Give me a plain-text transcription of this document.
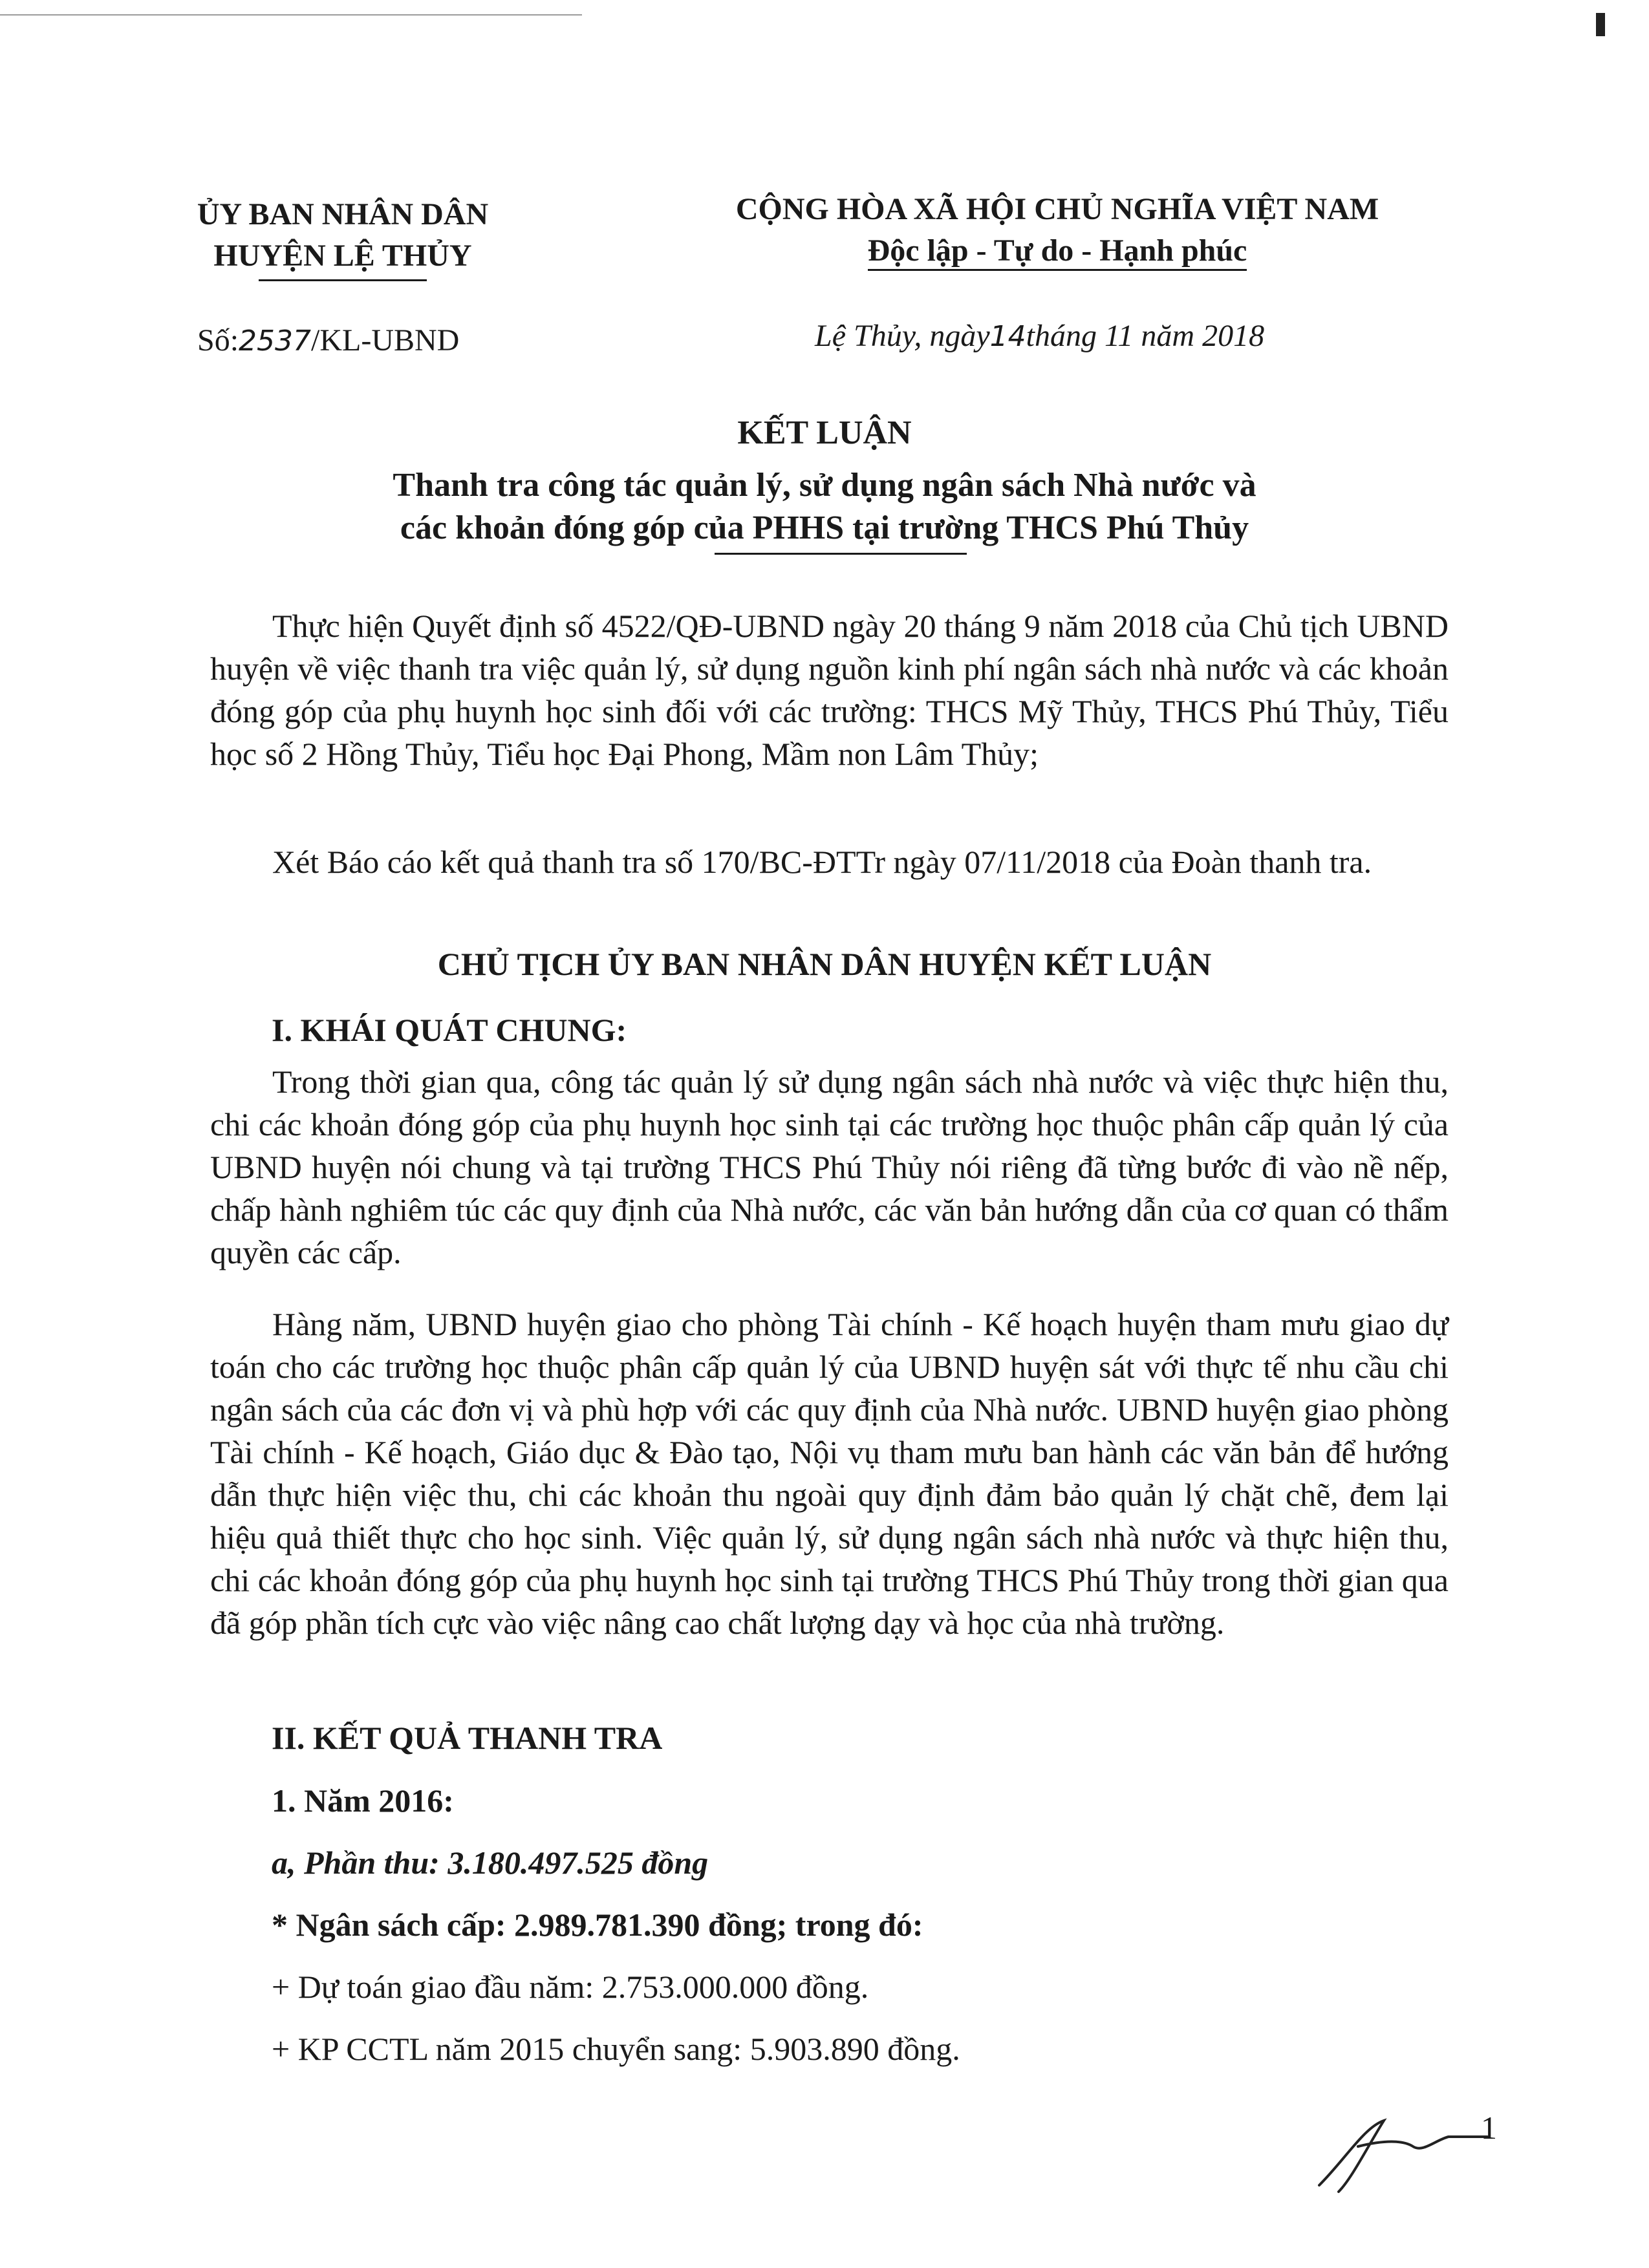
ỦY BAN NHÂN DÂN
HUYỆN LỆ THỦY
CỘNG HÒA XÃ HỘI CHỦ NGHĨA VIỆT NAM
Độc lập - Tự do - Hạnh phúc
Số:2537/KL-UBND	Lệ Thủy, ngày14tháng 11 năm 2018
KẾT LUẬN
Thanh tra công tác quản lý, sử dụng ngân sách Nhà nước và
các khoản đóng góp của PHHS tại trường THCS Phú Thủy

Thực hiện Quyết định số 4522/QĐ-UBND ngày 20 tháng 9 năm 2018 của Chủ tịch UBND huyện về việc thanh tra việc quản lý, sử dụng nguồn kinh phí ngân sách nhà nước và các khoản đóng góp của phụ huynh học sinh đối với các trường: THCS Mỹ Thủy, THCS Phú Thủy, Tiểu học số 2 Hồng Thủy, Tiểu học Đại Phong, Mầm non Lâm Thủy;

Xét Báo cáo kết quả thanh tra số 170/BC-ĐTTr ngày 07/11/2018 của Đoàn thanh tra.

CHỦ TỊCH ỦY BAN NHÂN DÂN HUYỆN KẾT LUẬN
I. KHÁI QUÁT CHUNG:

Trong thời gian qua, công tác quản lý sử dụng ngân sách nhà nước và việc thực hiện thu, chi các khoản đóng góp của phụ huynh học sinh tại các trường học thuộc phân cấp quản lý của UBND huyện nói chung và tại trường THCS Phú Thủy nói riêng đã từng bước đi vào nề nếp, chấp hành nghiêm túc các quy định của Nhà nước, các văn bản hướng dẫn của cơ quan có thẩm quyền các cấp.

Hàng năm, UBND huyện giao cho phòng Tài chính - Kế hoạch huyện tham mưu giao dự toán cho các trường học thuộc phân cấp quản lý của UBND huyện sát với thực tế nhu cầu chi ngân sách của các đơn vị và phù hợp với các quy định của Nhà nước. UBND huyện giao phòng Tài chính - Kế hoạch, Giáo dục & Đào tạo, Nội vụ tham mưu ban hành các văn bản để hướng dẫn thực hiện việc thu, chi các khoản thu ngoài quy định đảm bảo quản lý chặt chẽ, đem lại hiệu quả thiết thực cho học sinh. Việc quản lý, sử dụng ngân sách nhà nước và thực hiện thu, chi các khoản đóng góp của phụ huynh học sinh tại trường THCS Phú Thủy trong thời gian qua đã góp phần tích cực vào việc nâng cao chất lượng dạy và học của nhà trường.

II. KẾT QUẢ THANH TRA
1. Năm 2016:
a, Phần thu: 3.180.497.525 đồng
* Ngân sách cấp: 2.989.781.390 đồng; trong đó:
+ Dự toán giao đầu năm: 2.753.000.000 đồng.
+ KP CCTL năm 2015 chuyển sang: 5.903.890 đồng.
1
